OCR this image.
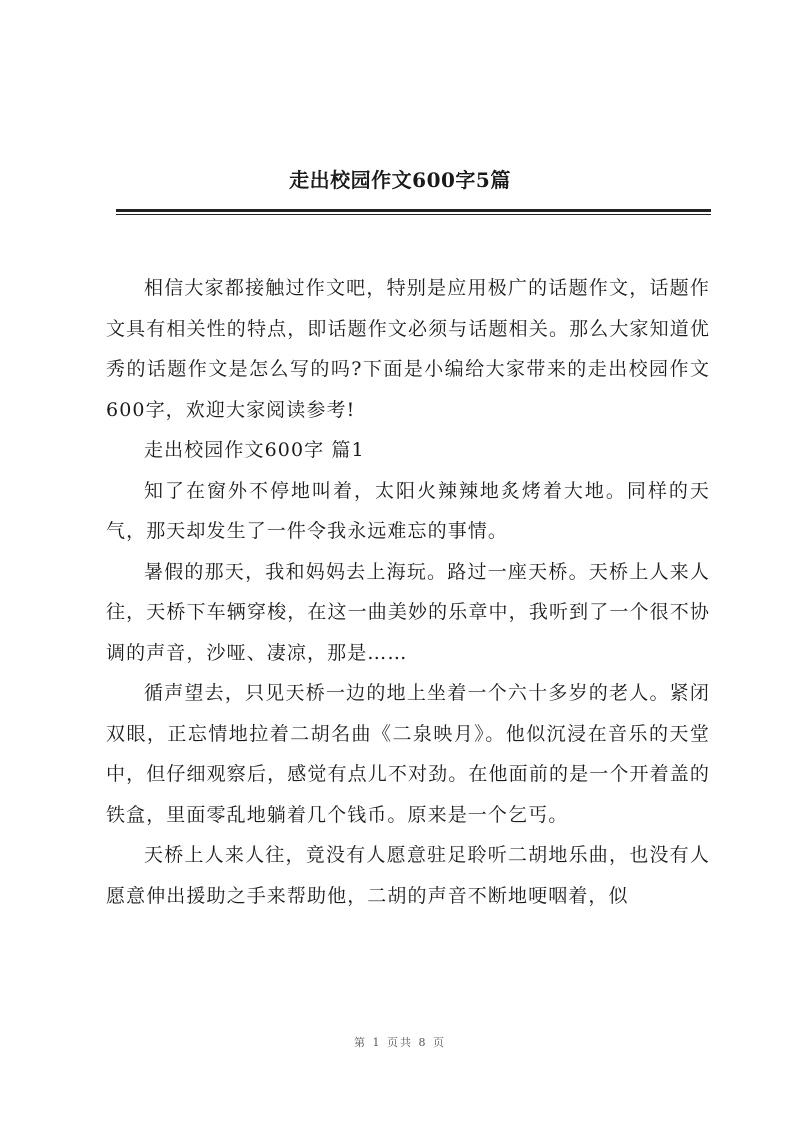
走出校园作文600字5篇

相信大家都接触过作文吧，特别是应用极广的话题作文，话题作文具有相关性的特点，即话题作文必须与话题相关。那么大家知道优秀的话题作文是怎么写的吗?下面是小编给大家带来的走出校园作文600字，欢迎大家阅读参考!

走出校园作文600字 篇1

知了在窗外不停地叫着，太阳火辣辣地炙烤着大地。同样的天气，那天却发生了一件令我永远难忘的事情。

暑假的那天，我和妈妈去上海玩。路过一座天桥。天桥上人来人往，天桥下车辆穿梭，在这一曲美妙的乐章中，我听到了一个很不协调的声音，沙哑、凄凉，那是……

循声望去，只见天桥一边的地上坐着一个六十多岁的老人。紧闭双眼，正忘情地拉着二胡名曲《二泉映月》。他似沉浸在音乐的天堂中，但仔细观察后，感觉有点儿不对劲。在他面前的是一个开着盖的铁盒，里面零乱地躺着几个钱币。原来是一个乞丐。

天桥上人来人往，竟没有人愿意驻足聆听二胡地乐曲，也没有人愿意伸出援助之手来帮助他，二胡的声音不断地哽咽着，似

第 1 页共 8 页
